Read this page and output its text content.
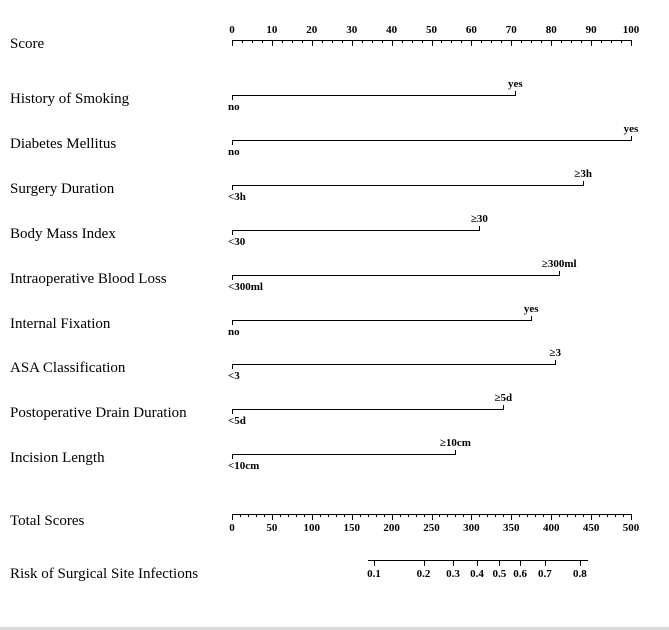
0	10	20	30	40	50	60	70	80	90 100
Score
yes
no
History of Smoking
yes
no
Diabetes Mellitus
≥3h
<3h
Surgery Duration
≥30
<30
Body Mass Index
≥300ml
<300ml
Intraoperative Blood Loss
yes
no
Internal Fixation
≥3
<3
ASA Classification
≥5d
<5d
Postoperative Drain Duration
≥10cm
<10cm
Incision Length
0	50 100 150 200 250 300 350 400 450 500
Total Scores
0.1	0.2 0.3 0.4 0.5 0.6 0.7 0.8
Risk of Surgical Site Infections
